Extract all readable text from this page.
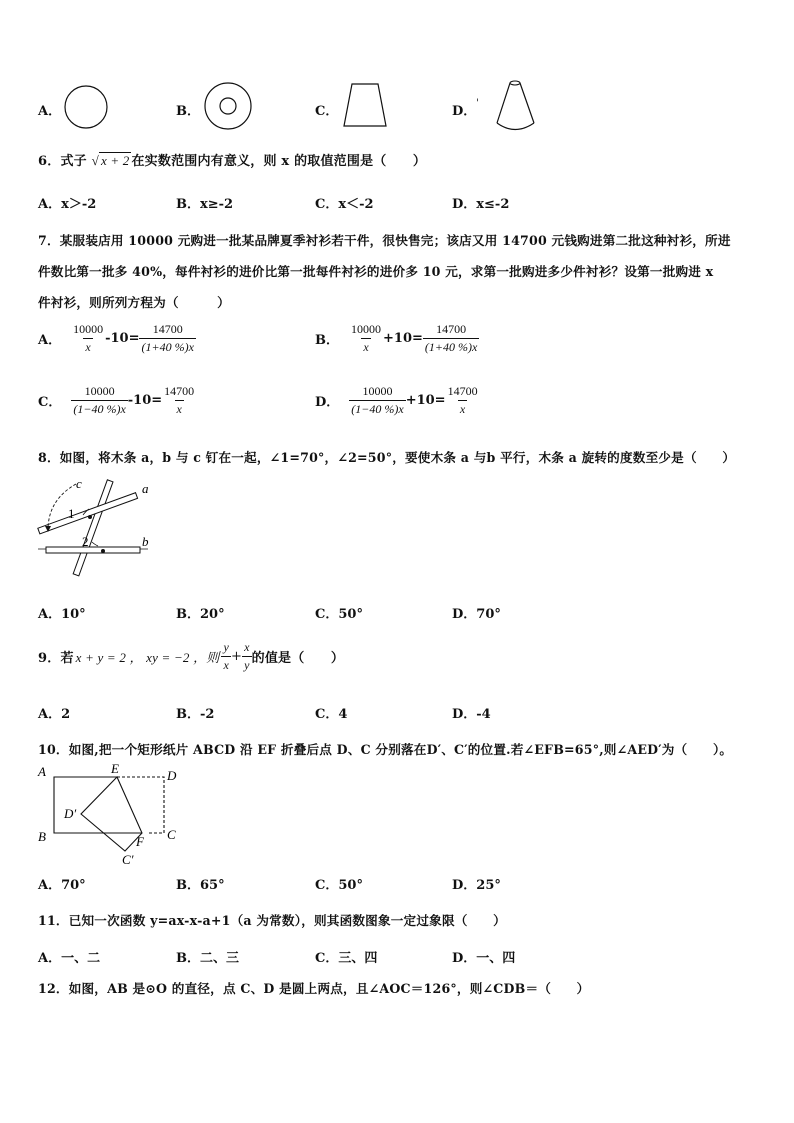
A．	B．	C．	D．
'
6．式子 √ x + 2 在实数范围内有意义，则 x 的取值范围是（　　）
A．x＞-2	B．x≥-2	C．x＜-2	D．x≤-2
7．某服装店用 10000 元购进一批某品牌夏季衬衫若干件，很快售完；该店又用 14700 元钱购进第二批这种衬衫，所进
件数比第一批多 40%，每件衬衫的进价比第一批每件衬衫的进价多 10 元，求第一批购进多少件衬衫？设第一批购进 x
件衬衫，则所列方程为（　　　）
A． $\frac{10000}{x} -10= \frac{14700}{(1+40 \%)x}$	B． $\frac{10000}{x} +10= \frac{14700}{(1+40 \%)x}$
C． $\frac{10000}{(1-40 \%)x} -10= \frac{14700}{x}$	D． $\frac{10000}{(1-40 \%)x} +10= \frac{14700}{x}$
8．如图，将木条 a，b 与 c 钉在一起，∠1=70°，∠2=50°，要使木条 a 与b 平行，木条 a 旋转的度数至少是（　　）
c	a
1
2	b
A．10°	B．20°	C．50°	D．70°
9．若 x + y = 2 ， xy = −2 ，则 $\frac{y}{x} + \frac{x}{y}$ 的值是（　　）
A．2	B．-2	C．4	D．-4
10．如图,把一个矩形纸片 ABCD 沿 EF 折叠后点 D、C 分别落在D′、C′的位置.若∠EFB=65°,则∠AED′为（　　）。
A	E	D
D′
B	F C
C′
A．70°	B．65°	C．50°	D．25°
11．已知一次函数 y=ax-x-a+1（a 为常数），则其函数图象一定过象限（　　）
A．一、二	B．二、三	C．三、四	D．一、四
12．如图，AB 是⊙O 的直径，点 C、D 是圆上两点，且∠AOC＝126°，则∠CDB＝（　　）
